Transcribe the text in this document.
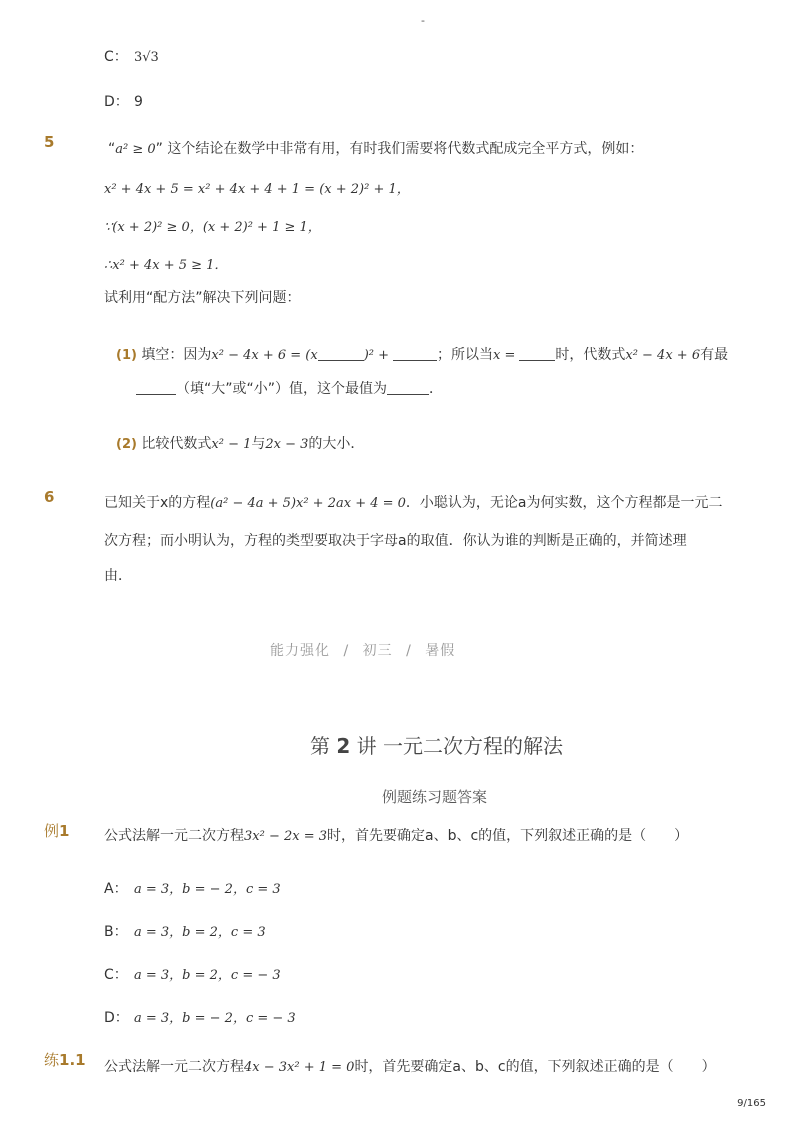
-
C： 3√3
D： 9
5	“a² ≥ 0” 这个结论在数学中非常有用，有时我们需要将代数式配成完全平方式，例如：
x² + 4x + 5 = x² + 4x + 4 + 1 = (x + 2)² + 1，
∵(x + 2)² ≥ 0，(x + 2)² + 1 ≥ 1，
∴x² + 4x + 5 ≥ 1．
试利用“配方法”解决下列问题：
(1) 填空：因为x² − 4x + 6 = (x	)² +	；所以当x =	时，代数式x² − 4x + 6有最
（填“大”或“小”）值，这个最值为	．
(2) 比较代数式x² − 1与2x − 3的大小．
6	已知关于x的方程(a² − 4a + 5)x² + 2ax + 4 = 0．小聪认为，无论a为何实数，这个方程都是一元二
次方程；而小明认为，方程的类型要取决于字母a的取值．你认为谁的判断是正确的，并简述理
由．
能力强化 / 初三 / 暑假
第 2 讲 一元二次方程的解法
例题练习题答案
例1 公式法解一元二次方程3x² − 2x = 3时，首先要确定a、b、c的值，下列叙述正确的是（　　）
A： a = 3，b = − 2，c = 3
B： a = 3，b = 2，c = 3
C： a = 3，b = 2，c = − 3
D： a = 3，b = − 2，c = − 3
练1.1 公式法解一元二次方程4x − 3x² + 1 = 0时，首先要确定a、b、c的值，下列叙述正确的是（　　）
9/165
